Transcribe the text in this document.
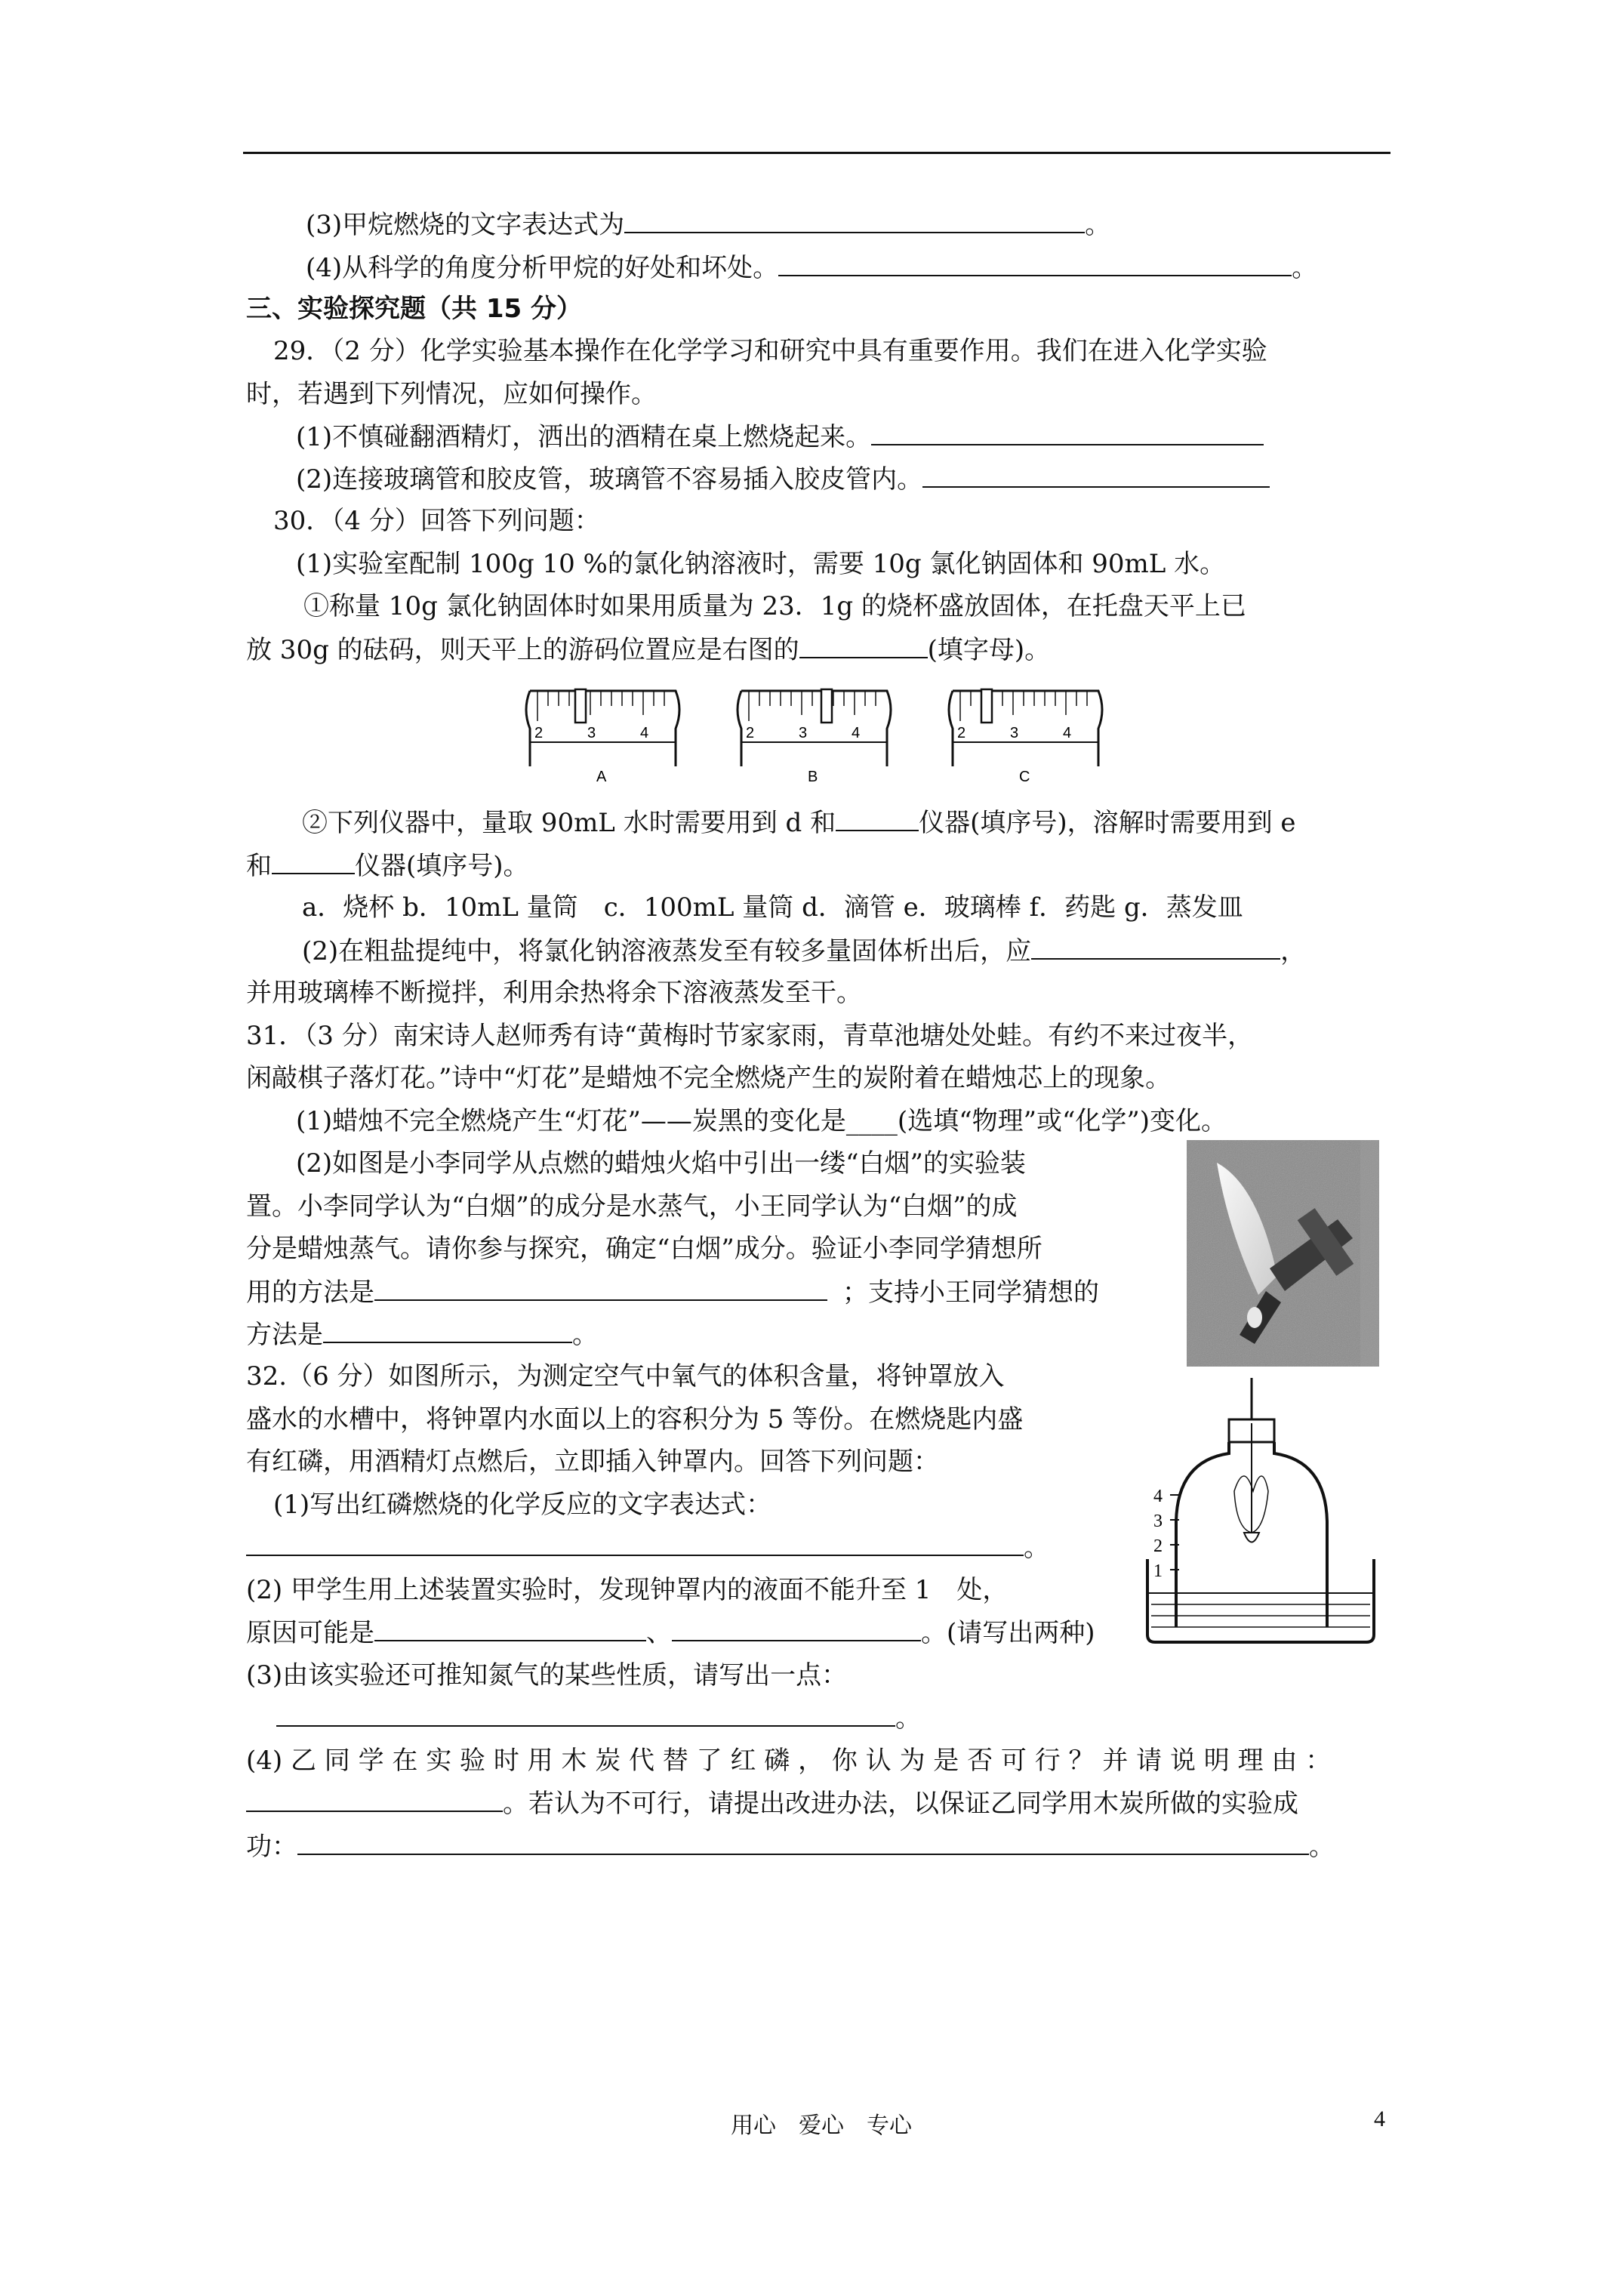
(3)甲烷燃烧的文字表达式为	。
(4)从科学的角度分析甲烷的好处和坏处。	。
三、实验探究题（共 15 分）
29．（2 分）化学实验基本操作在化学学习和研究中具有重要作用。我们在进入化学实验
时，若遇到下列情况，应如何操作。
(1)不慎碰翻酒精灯，洒出的酒精在桌上燃烧起来。
(2)连接玻璃管和胶皮管，玻璃管不容易插入胶皮管内。
30．（4 分）回答下列问题：
(1)实验室配制 100g 10 %的氯化钠溶液时，需要 10g 氯化钠固体和 90mL 水。
①称量 10g 氯化钠固体时如果用质量为 23．1g 的烧杯盛放固体，在托盘天平上已
放 30g 的砝码，则天平上的游码位置应是右图的	(填字母)。
2	3	4
A
2	3	4
B
2	3	4
C
②下列仪器中，量取 90mL 水时需要用到 d 和	仪器(填序号)，溶解时需要用到 e
和	仪器(填序号)。
a．烧杯 b．10mL 量筒　c．100mL 量筒 d．滴管 e．玻璃棒 f．药匙 g．蒸发皿
(2)在粗盐提纯中，将氯化钠溶液蒸发至有较多量固体析出后，应	，
并用玻璃棒不断搅拌，利用余热将余下溶液蒸发至干。
31．（3 分）南宋诗人赵师秀有诗“黄梅时节家家雨，青草池塘处处蛙。有约不来过夜半，
闲敲棋子落灯花。”诗中“灯花”是蜡烛不完全燃烧产生的炭附着在蜡烛芯上的现象。
(1)蜡烛不完全燃烧产生“灯花”——炭黑的变化是____(选填“物理”或“化学”)变化。
(2)如图是小李同学从点燃的蜡烛火焰中引出一缕“白烟”的实验装
置。小李同学认为“白烟”的成分是水蒸气，小王同学认为“白烟”的成
分是蜡烛蒸气。请你参与探究，确定“白烟”成分。验证小李同学猜想所
用的方法是	；支持小王同学猜想的
方法是	。
32.（6 分）如图所示，为测定空气中氧气的体积含量，将钟罩放入
盛水的水槽中，将钟罩内水面以上的容积分为 5 等份。在燃烧匙内盛
有红磷，用酒精灯点燃后，立即插入钟罩内。回答下列问题：
(1)写出红磷燃烧的化学反应的文字表达式：
。
4
3
2
1
(2) 甲学生用上述装置实验时，发现钟罩内的液面不能升至 1　处，
原因可能是	、	。(请写出两种)
(3)由该实验还可推知氮气的某些性质，请写出一点：
。
(4) 乙 同 学 在 实 验 时 用 木 炭 代 替 了 红 磷 ， 你 认 为 是 否 可 行 ？ 并 请 说 明 理 由 ：
。若认为不可行，请提出改进办法，以保证乙同学用木炭所做的实验成
功：	。
用心　爱心　专心	4
